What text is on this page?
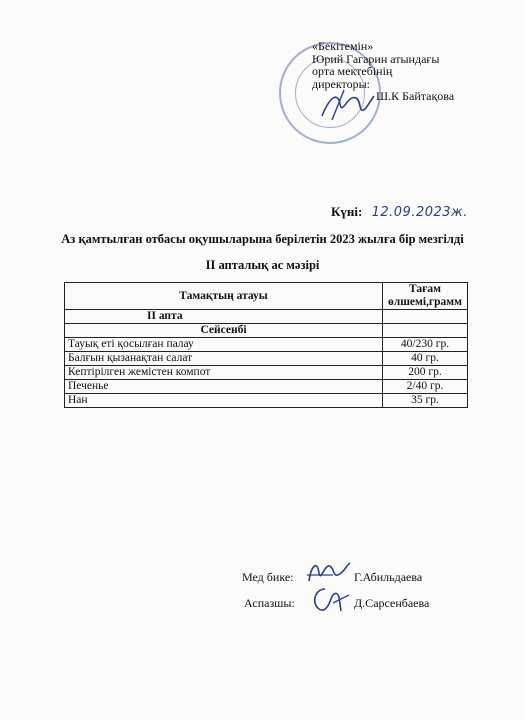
«Бекітемін»
Юрий Гагарин атындағы
орта мектебінің
директоры:
Ш.К Байтақова
Күні: 12.09.2023ж.
Аз қамтылған отбасы оқушыларына берілетін 2023 жылға бір мезгілді
ІІ апталық ас мәзірі
Тамақтың атауы	Тағам өлшемі,грамм
ІІ апта	
Сейсенбі	
Тауық еті қосылған палау	40/230 гр.
Балғын қызанақтан салат	40 гр.
Кептірілген жемістен компот	200 гр.
Печенье	2/40 гр.
Нан	35 гр.
Мед бике:	Г.Абильдаева
Аспазшы:	Д.Сарсенбаева
